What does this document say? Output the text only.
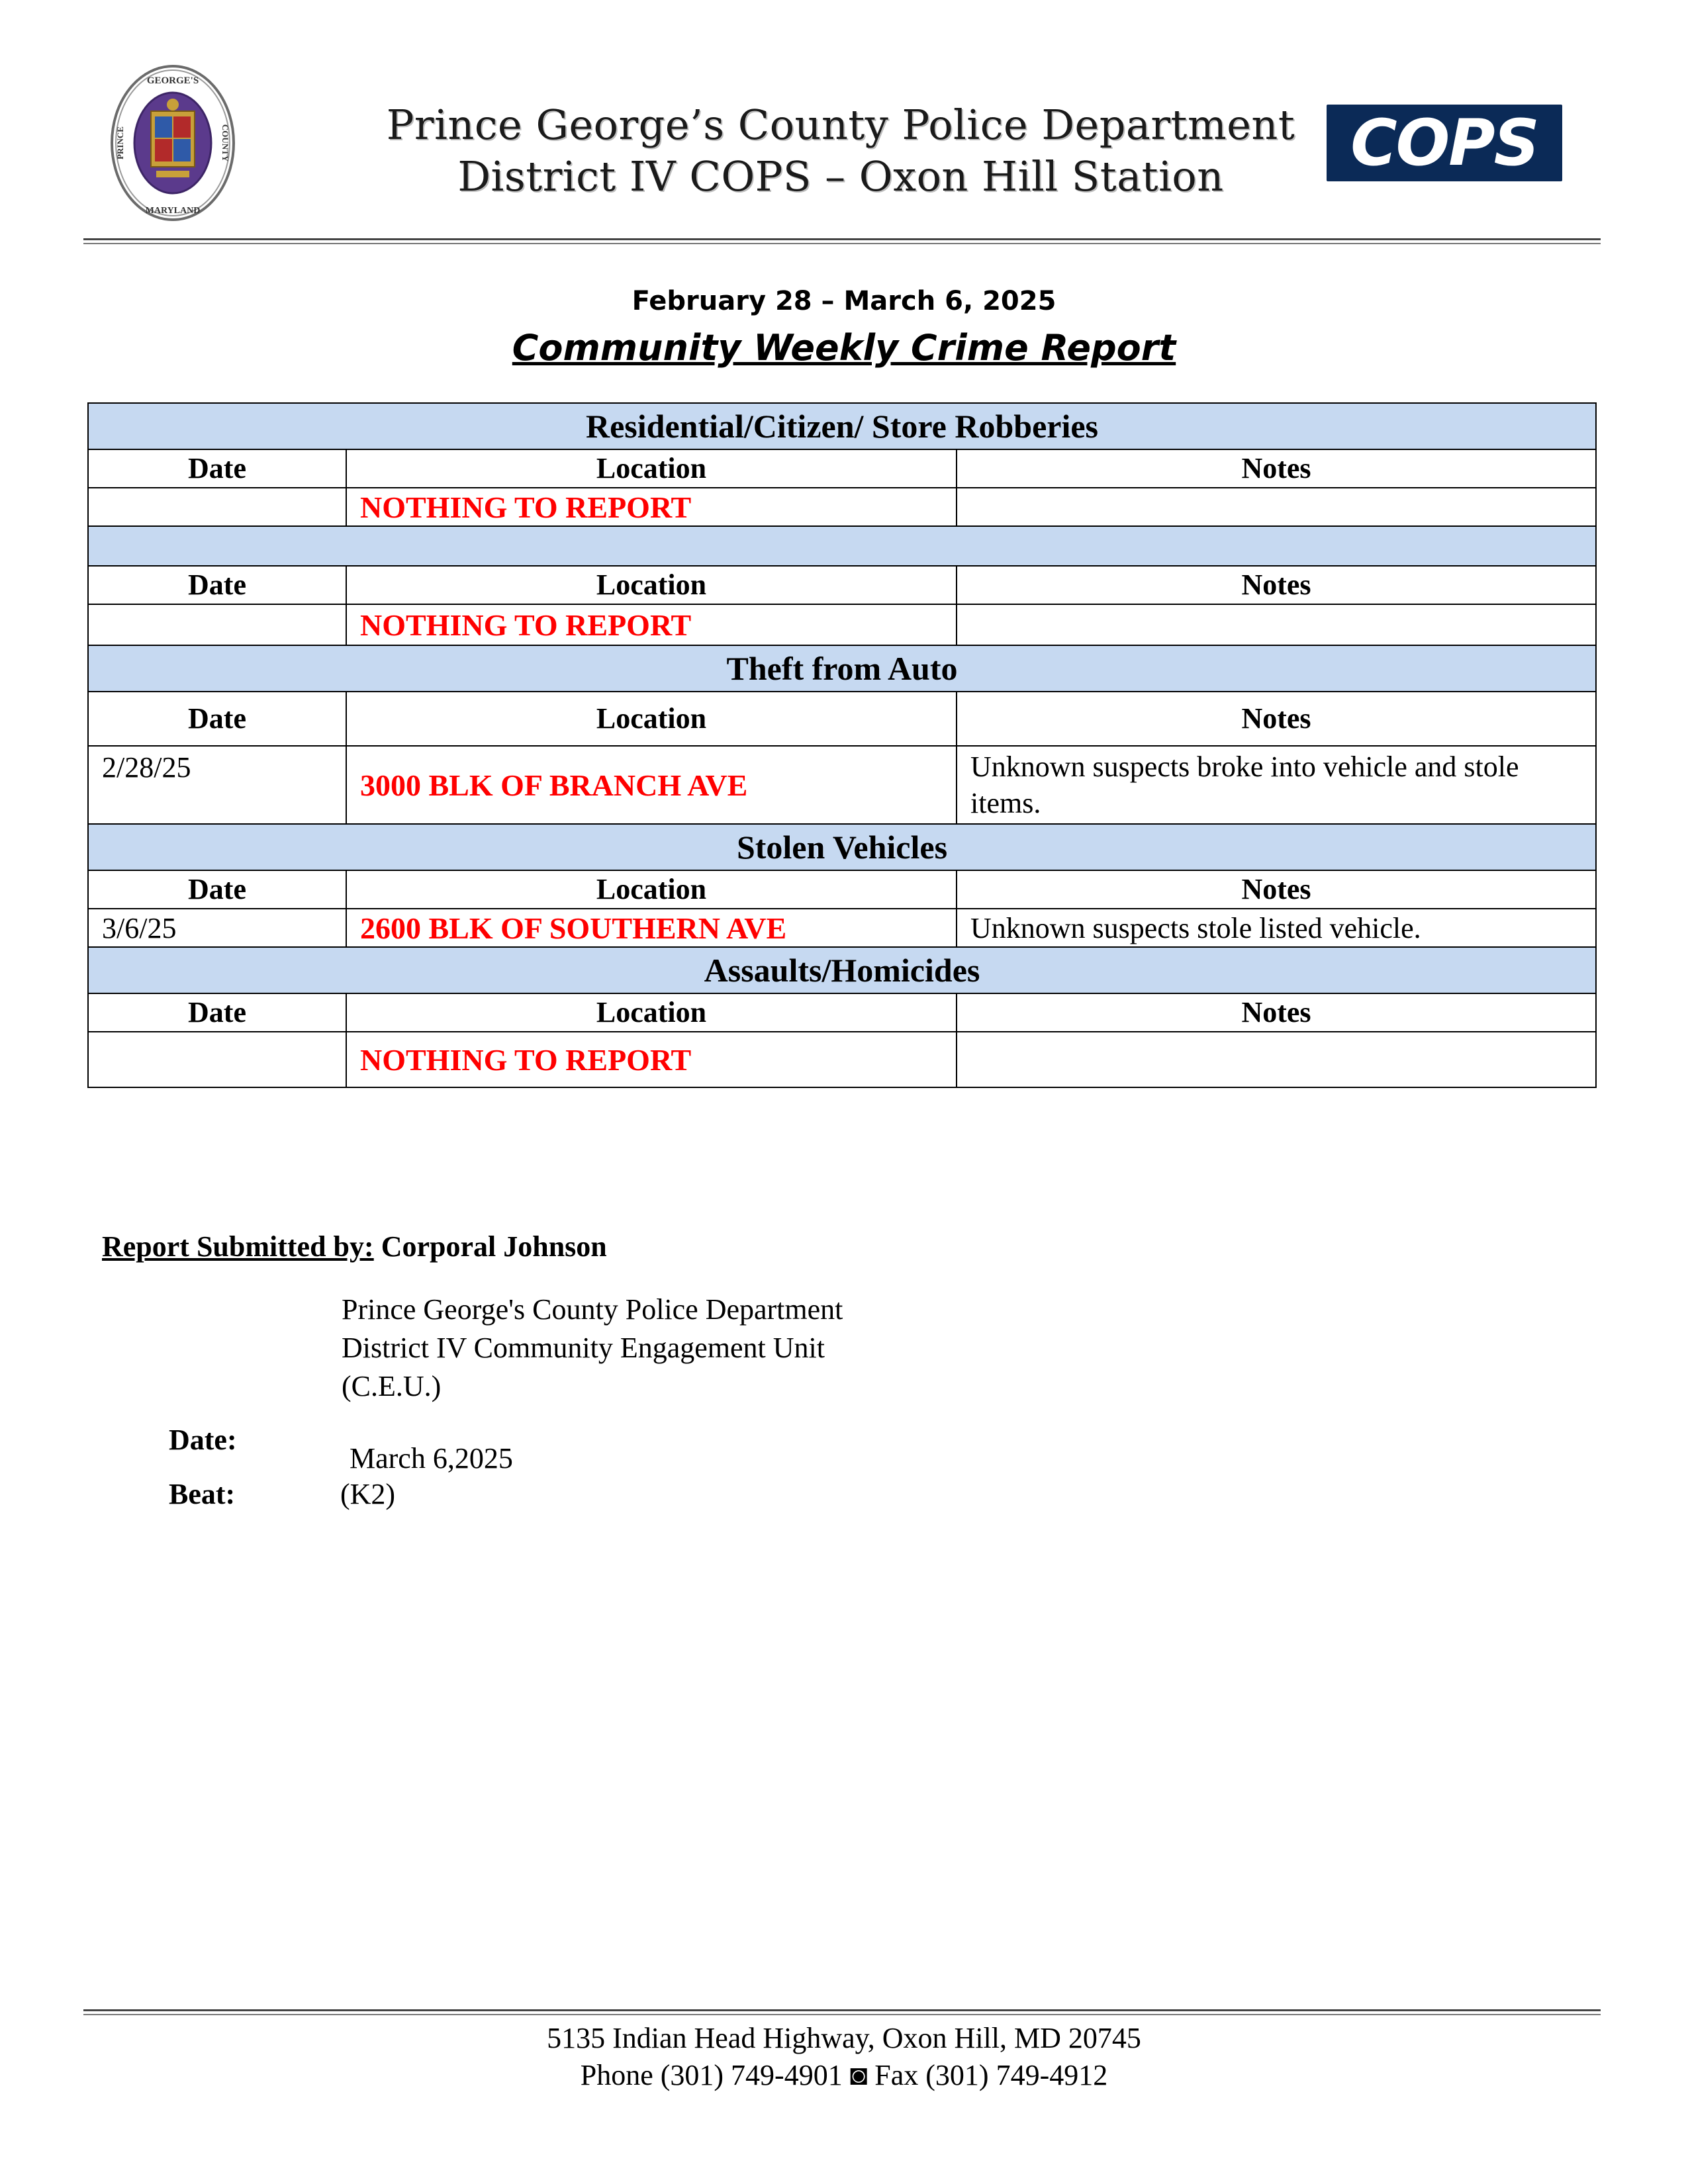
GEORGE'S
MARYLAND
PRINCE	COUNTY	Prince George’s County Police Department
District IV COPS – Oxon Hill Station	COPS
February 28 – March 6, 2025
Community Weekly Crime Report
Residential/Citizen/ Store Robberies		
Date	Location	Notes
	NOTHING TO REPORT	

Date	Location	Notes
	NOTHING TO REPORT	
Theft from Auto		
Date	Location	Notes
2/28/25	3000 BLK OF BRANCH AVE	Unknown suspects broke into vehicle and stole items.
Stolen Vehicles		
Date	Location	Notes
3/6/25	2600 BLK OF SOUTHERN AVE	Unknown suspects stole listed vehicle.
Assaults/Homicides		
Date	Location	Notes
	NOTHING TO REPORT	
Report Submitted by: Corporal Johnson
Prince George's County Police Department
District IV Community Engagement Unit
(C.E.U.)
Date:
March 6,2025
Beat:	(K2)
5135 Indian Head Highway, Oxon Hill, MD 20745
Phone (301) 749-4901 ◙ Fax (301) 749-4912
